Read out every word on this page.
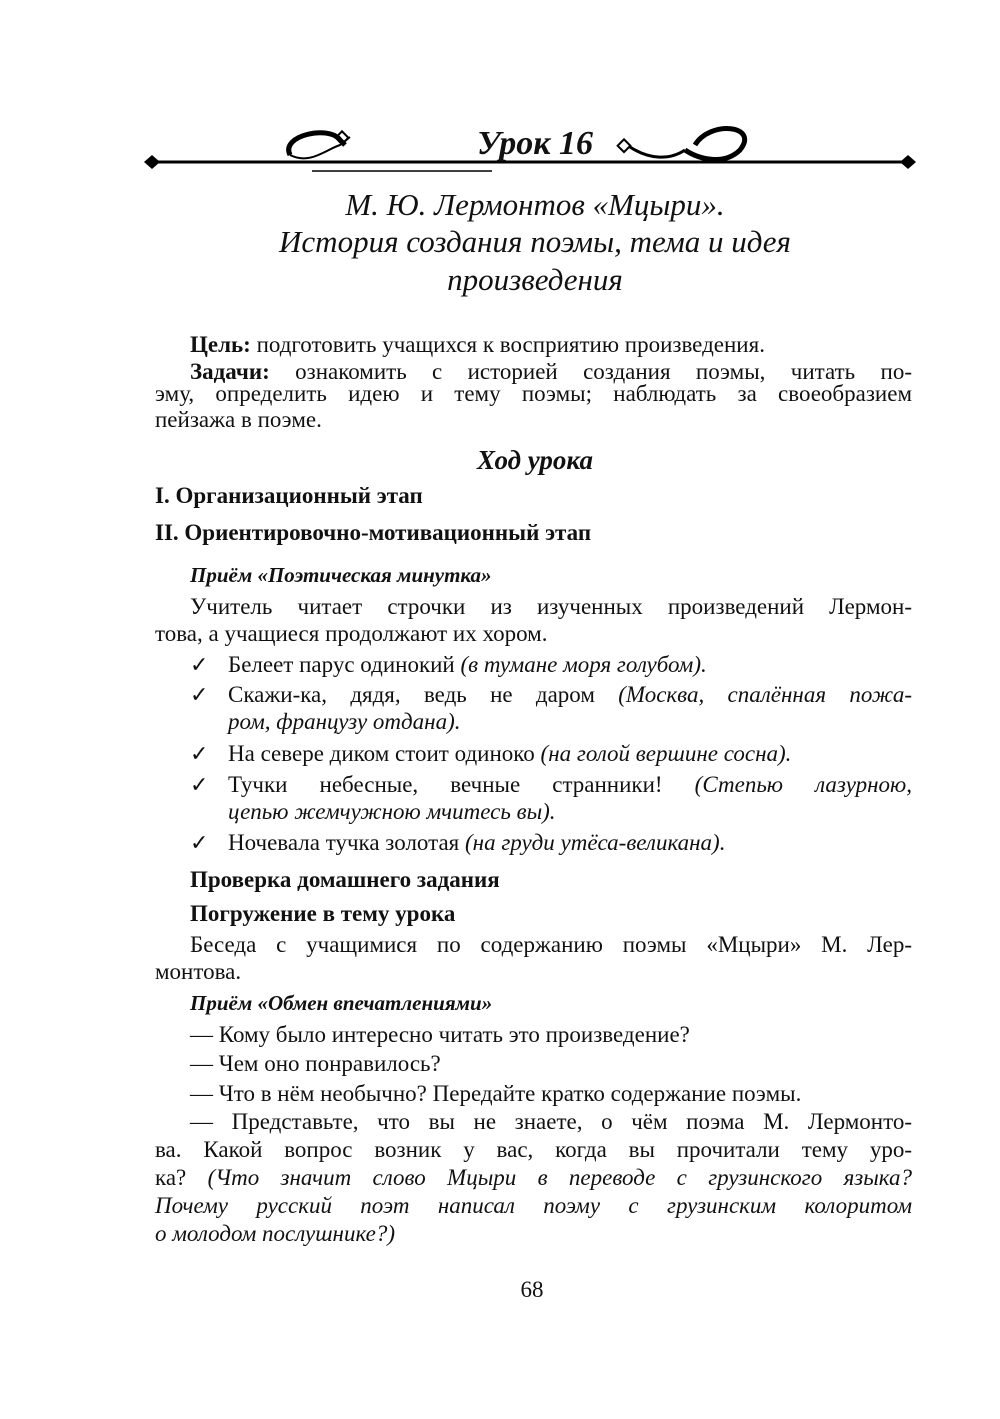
Урок 16
М. Ю. Лермонтов «Мцыри».
История создания поэмы, тема и идея
произведения
Цель: подготовить учащихся к восприятию произведения.
Задачи: ознакомить с историей создания поэмы, читать по-
эму, определить идею и тему поэмы; наблюдать за своеобразием
пейзажа в поэме.
Ход урока
I. Организационный этап
II. Ориентировочно-мотивационный этап
Приём «Поэтическая минутка»
Учитель читает строчки из изученных произведений Лермон-
това, а учащиеся продолжают их хором.
Белеет парус одинокий (в тумане моря голубом).
✓
Скажи-ка, дядя, ведь не даром (Москва, спалённая пожа-
✓
ром, французу отдана).
На севере диком стоит одиноко (на голой вершине сосна).
✓
Тучки небесные, вечные странники! (Степью лазурною,
✓
цепью жемчужною мчитесь вы).
Ночевала тучка золотая (на груди утёса-великана).
✓
Проверка домашнего задания
Погружение в тему урока
Беседа с учащимися по содержанию поэмы «Мцыри» М. Лер-
монтова.
Приём «Обмен впечатлениями»
— Кому было интересно читать это произведение?
— Чем оно понравилось?
— Что в нём необычно? Передайте кратко содержание поэмы.
— Представьте, что вы не знаете, о чём поэма М. Лермонто-
ва. Какой вопрос возник у вас, когда вы прочитали тему уро-
ка? (Что значит слово Мцыри в переводе с грузинского языка?
Почему русский поэт написал поэму с грузинским колоритом
о молодом послушнике?)
68
